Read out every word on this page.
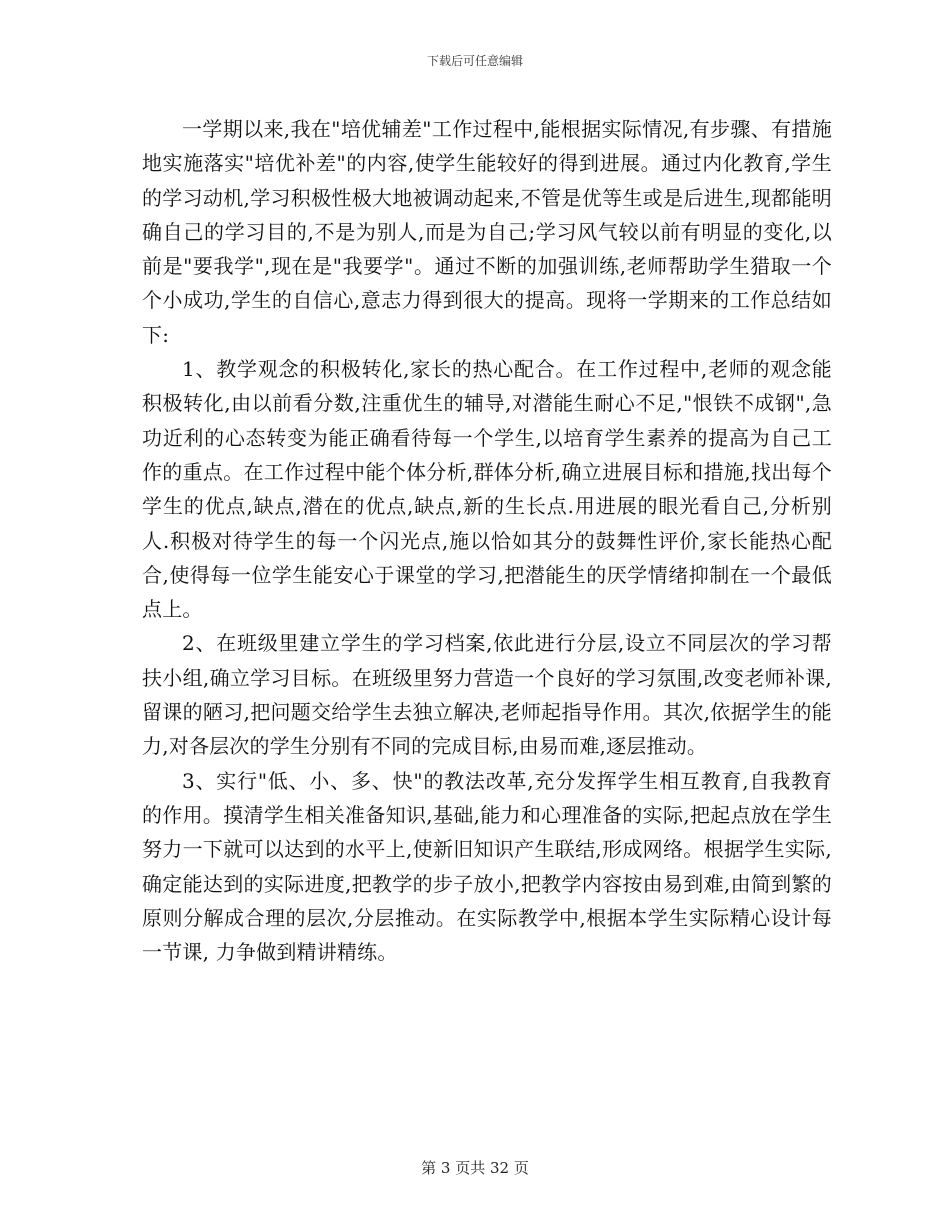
下载后可任意编辑

一学期以来,我在"培优辅差"工作过程中,能根据实际情况,有步骤、有措施地实施落实"培优补差"的内容,使学生能较好的得到进展。通过内化教育,学生的学习动机,学习积极性极大地被调动起来,不管是优等生或是后进生,现都能明确自己的学习目的,不是为别人,而是为自己;学习风气较以前有明显的变化,以前是"要我学",现在是"我要学"。通过不断的加强训练,老师帮助学生猎取一个个小成功,学生的自信心,意志力得到很大的提高。现将一学期来的工作总结如下:

1、教学观念的积极转化,家长的热心配合。在工作过程中,老师的观念能积极转化,由以前看分数,注重优生的辅导,对潜能生耐心不足,"恨铁不成钢",急功近利的心态转变为能正确看待每一个学生,以培育学生素养的提高为自己工作的重点。在工作过程中能个体分析,群体分析,确立进展目标和措施,找出每个学生的优点,缺点,潜在的优点,缺点,新的生长点.用进展的眼光看自己,分析别人.积极对待学生的每一个闪光点,施以恰如其分的鼓舞性评价,家长能热心配合,使得每一位学生能安心于课堂的学习,把潜能生的厌学情绪抑制在一个最低点上。

2、在班级里建立学生的学习档案,依此进行分层,设立不同层次的学习帮扶小组,确立学习目标。在班级里努力营造一个良好的学习氛围,改变老师补课,留课的陋习,把问题交给学生去独立解决,老师起指导作用。其次,依据学生的能力,对各层次的学生分别有不同的完成目标,由易而难,逐层推动。

3、实行"低、小、多、快"的教法改革,充分发挥学生相互教育,自我教育的作用。摸清学生相关准备知识,基础,能力和心理准备的实际,把起点放在学生努力一下就可以达到的水平上,使新旧知识产生联结,形成网络。根据学生实际,确定能达到的实际进度,把教学的步子放小,把教学内容按由易到难,由简到繁的原则分解成合理的层次,分层推动。在实际教学中,根据本学生实际精心设计每一节课, 力争做到精讲精练。

第 3 页共 32 页
